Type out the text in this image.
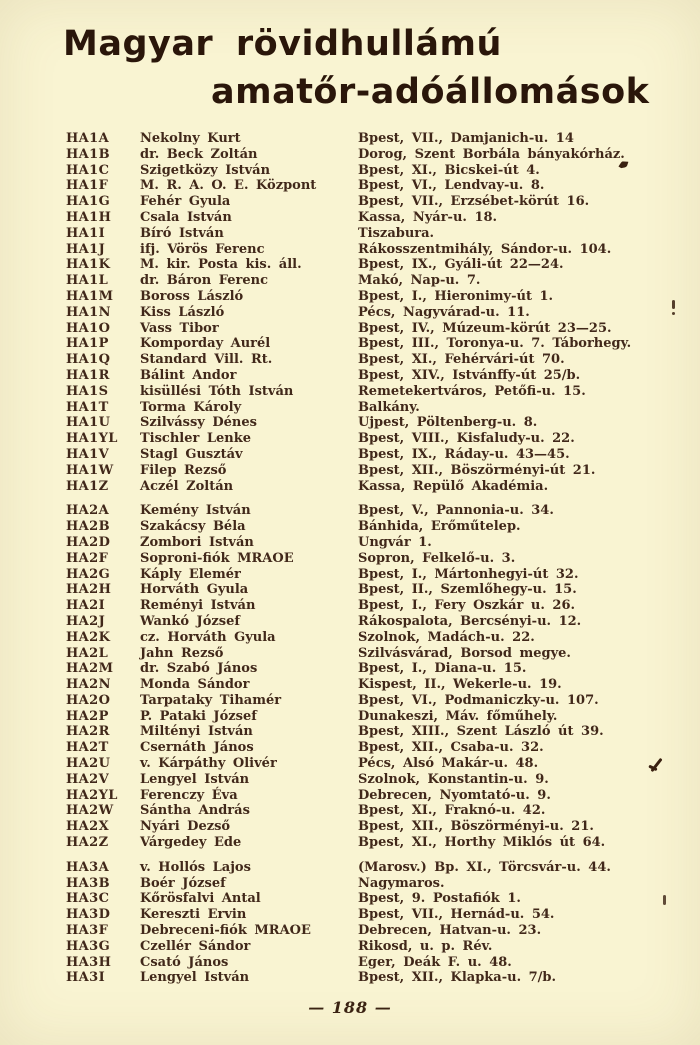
Magyar rövidhullámú
amatőr-adóállomások
HA1A	Nekolny Kurt	Bpest, VII., Damjanich-u. 14
HA1B	dr. Beck Zoltán	Dorog, Szent Borbála bányakórház.
HA1C	Szigetközy István	Bpest, XI., Bicskei-út 4.
HA1F	M. R. A. O. E. Központ	Bpest, VI., Lendvay-u. 8.
HA1G	Fehér Gyula	Bpest, VII., Erzsébet-körút 16.
HA1H	Csala István	Kassa, Nyár-u. 18.
HA1I	Bíró István	Tiszabura.
HA1J	ifj. Vörös Ferenc	Rákosszentmihály, Sándor-u. 104.
HA1K	M. kir. Posta kis. áll.	Bpest, IX., Gyáli-út 22—24.
HA1L	dr. Báron Ferenc	Makó, Nap-u. 7.
HA1M	Boross László	Bpest, I., Hieronimy-út 1.
HA1N	Kiss László	Pécs, Nagyvárad-u. 11.
HA1O	Vass Tibor	Bpest, IV., Múzeum-körút 23—25.
HA1P	Komporday Aurél	Bpest, III., Toronya-u. 7. Táborhegy.
HA1Q	Standard Vill. Rt.	Bpest, XI., Fehérvári-út 70.
HA1R	Bálint Andor	Bpest, XIV., Istvánffy-út 25/b.
HA1S	kisüllési Tóth István	Remetekertváros, Petőfi-u. 15.
HA1T	Torma Károly	Balkány.
HA1U	Szilvássy Dénes	Ujpest, Pöltenberg-u. 8.
HA1YL	Tischler Lenke	Bpest, VIII., Kisfaludy-u. 22.
HA1V	Stagl Gusztáv	Bpest, IX., Ráday-u. 43—45.
HA1W	Filep Rezső	Bpest, XII., Böszörményi-út 21.
HA1Z	Aczél Zoltán	Kassa, Repülő Akadémia.
HA2A	Kemény István	Bpest, V., Pannonia-u. 34.
HA2B	Szakácsy Béla	Bánhida, Erőműtelep.
HA2D	Zombori István	Ungvár 1.
HA2F	Soproni-fiók MRAOE	Sopron, Felkelő-u. 3.
HA2G	Káply Elemér	Bpest, I., Mártonhegyi-út 32.
HA2H	Horváth Gyula	Bpest, II., Szemlőhegy-u. 15.
HA2I	Reményi István	Bpest, I., Fery Oszkár u. 26.
HA2J	Wankó József	Rákospalota, Bercsényi-u. 12.
HA2K	cz. Horváth Gyula	Szolnok, Madách-u. 22.
HA2L	Jahn Rezső	Szilvásvárad, Borsod megye.
HA2M	dr. Szabó János	Bpest, I., Diana-u. 15.
HA2N	Monda Sándor	Kispest, II., Wekerle-u. 19.
HA2O	Tarpataky Tihamér	Bpest, VI., Podmaniczky-u. 107.
HA2P	P. Pataki József	Dunakeszi, Máv. főműhely.
HA2R	Miltényi István	Bpest, XIII., Szent László út 39.
HA2T	Csernáth János	Bpest, XII., Csaba-u. 32.
HA2U	v. Kárpáthy Olivér	Pécs, Alsó Makár-u. 48.
HA2V	Lengyel István	Szolnok, Konstantin-u. 9.
HA2YL	Ferenczy Éva	Debrecen, Nyomtató-u. 9.
HA2W	Sántha András	Bpest, XI., Fraknó-u. 42.
HA2X	Nyári Dezső	Bpest, XII., Böszörményi-u. 21.
HA2Z	Várgedey Ede	Bpest, XI., Horthy Miklós út 64.
HA3A	v. Hollós Lajos	(Marosv.) Bp. XI., Törcsvár-u. 44.
HA3B	Boér József	Nagymaros.
HA3C	Kőrösfalvi Antal	Bpest, 9. Postafiók 1.
HA3D	Kereszti Ervin	Bpest, VII., Hernád-u. 54.
HA3F	Debreceni-fiók MRAOE	Debrecen, Hatvan-u. 23.
HA3G	Czellér Sándor	Rikosd, u. p. Rév.
HA3H	Csató János	Eger, Deák F. u. 48.
HA3I	Lengyel István	Bpest, XII., Klapka-u. 7/b.
— 188 —
